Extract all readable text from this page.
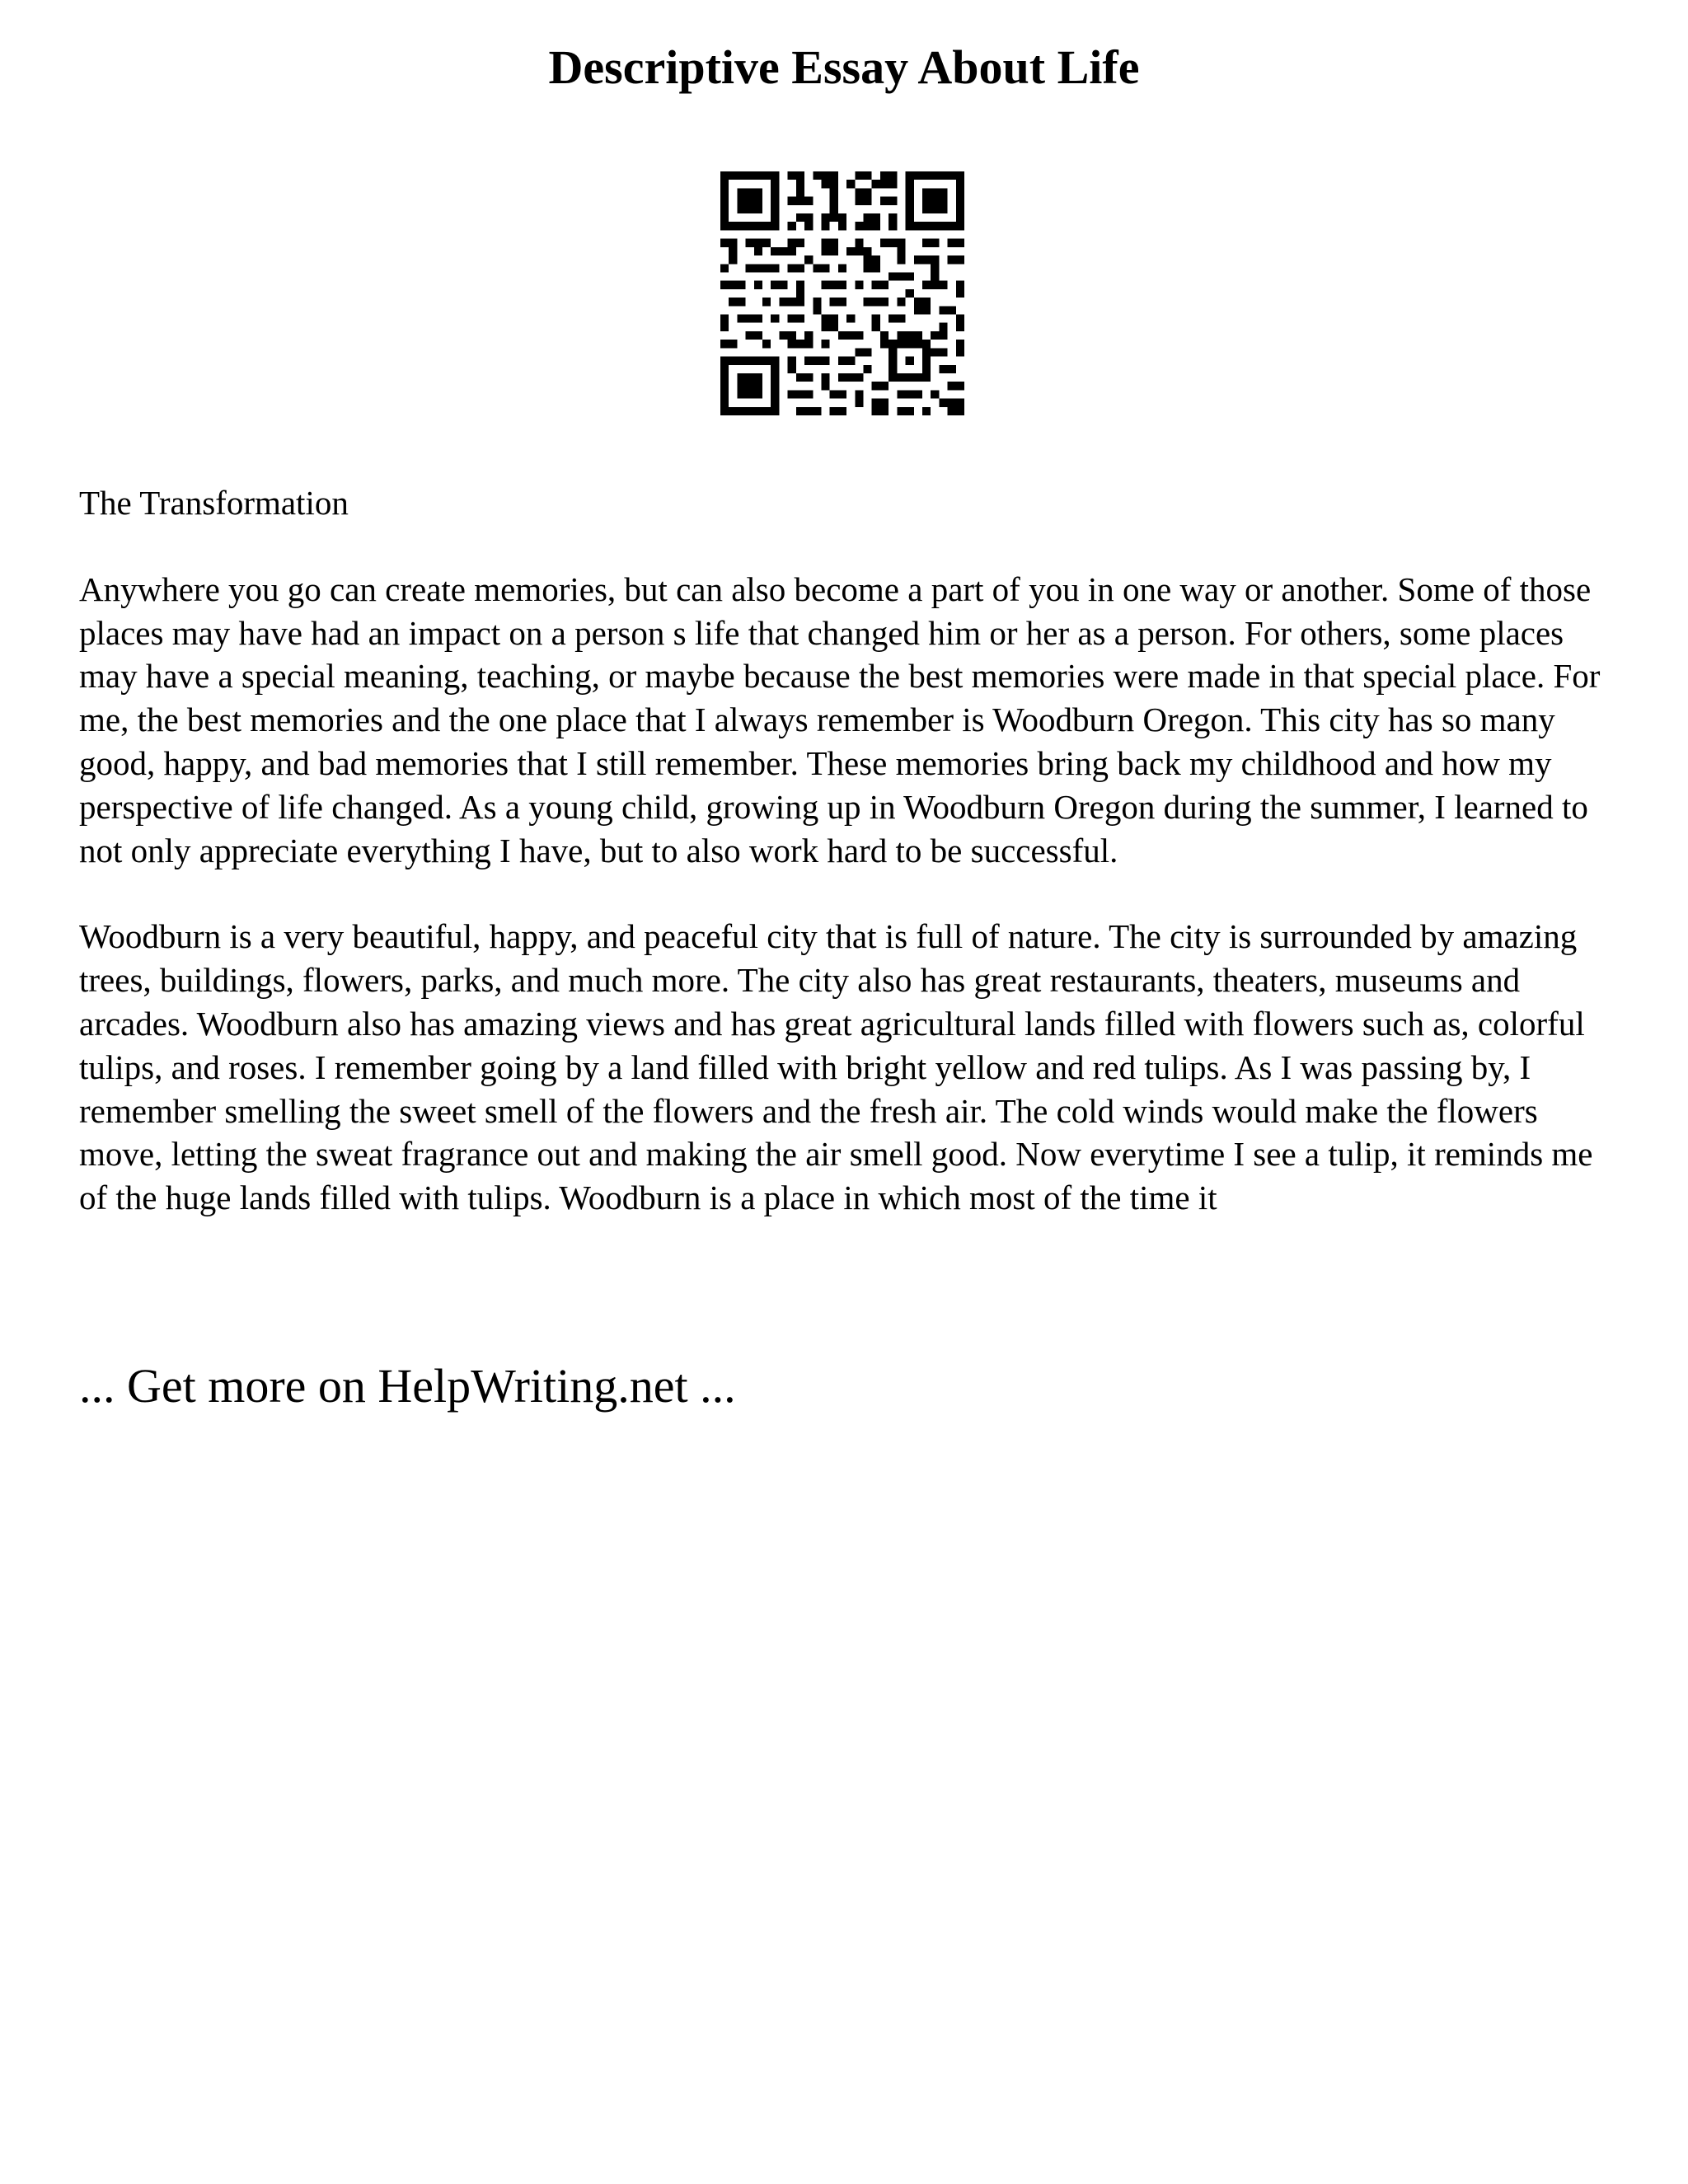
Descriptive Essay About Life

The Transformation

Anywhere you go can create memories, but can also become a part of you in one way or another. Some of those places may have had an impact on a person s life that changed him or her as a person. For others, some places may have a special meaning, teaching, or maybe because the best memories were made in that special place. For me, the best memories and the one place that I always remember is Woodburn Oregon. This city has so many good, happy, and bad memories that I still remember. These memories bring back my childhood and how my perspective of life changed. As a young child, growing up in Woodburn Oregon during the summer, I learned to not only appreciate everything I have, but to also work hard to be successful.

Woodburn is a very beautiful, happy, and peaceful city that is full of nature. The city is surrounded by amazing trees, buildings, flowers, parks, and much more. The city also has great restaurants, theaters, museums and arcades. Woodburn also has amazing views and has great agricultural lands filled with flowers such as, colorful tulips, and roses. I remember going by a land filled with bright yellow and red tulips. As I was passing by, I remember smelling the sweet smell of the flowers and the fresh air. The cold winds would make the flowers move, letting the sweat fragrance out and making the air smell good. Now everytime I see a tulip, it reminds me of the huge lands filled with tulips. Woodburn is a place in which most of the time it

... Get more on HelpWriting.net ...
